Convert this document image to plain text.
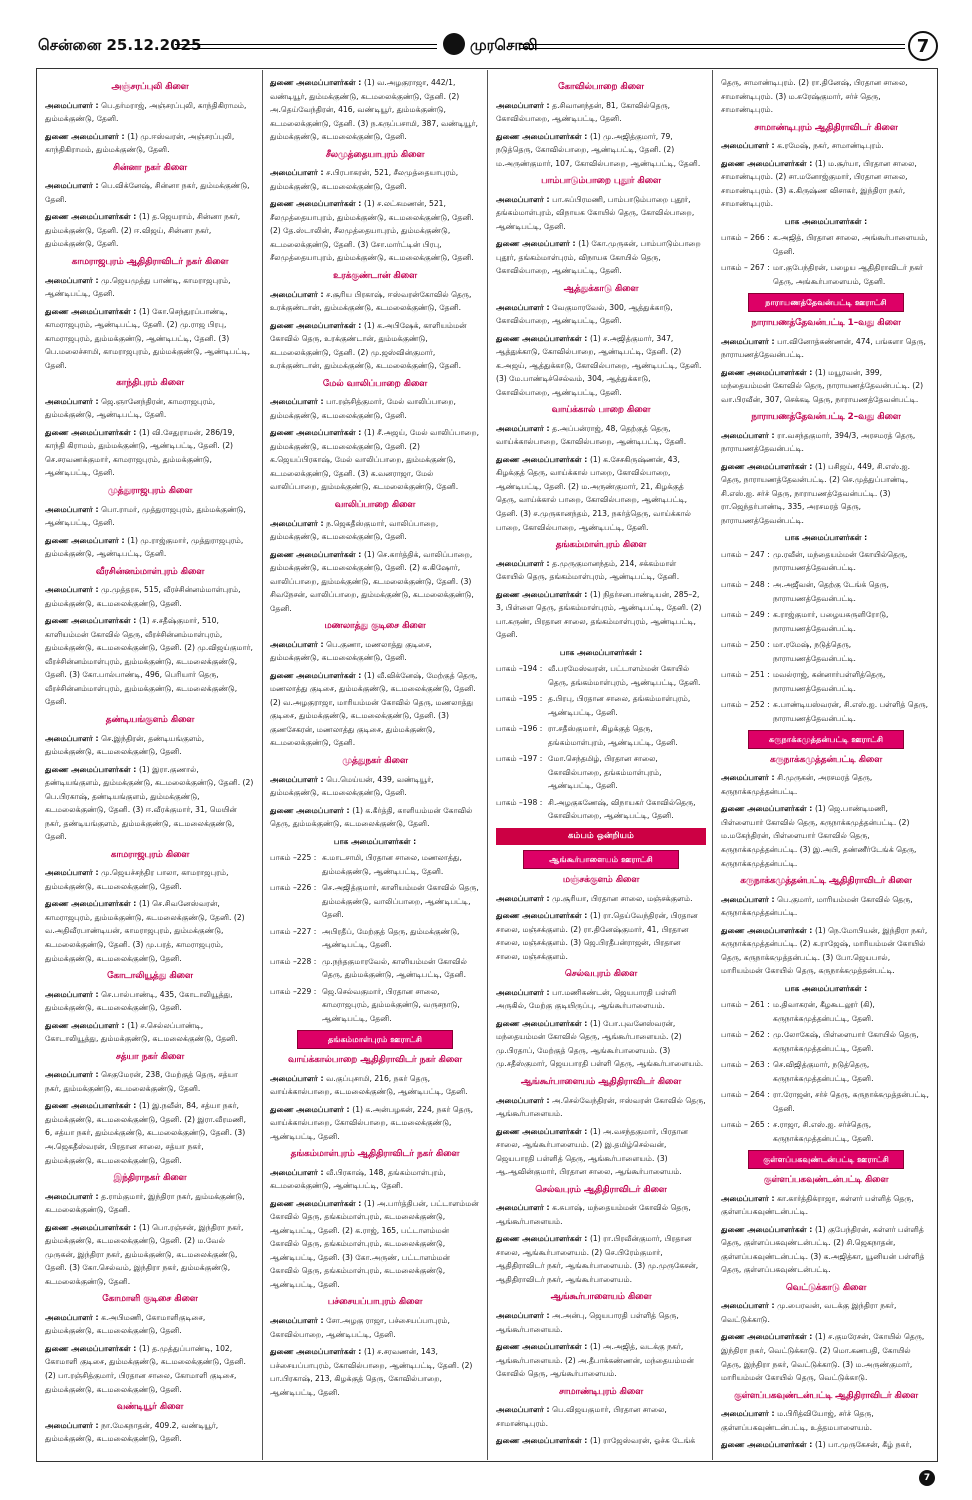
சென்னை 25.12.2025	முரசொலி	7
அஞ்சரப்புலி கிளை
அமைப்பாளர் : பெ.தர்மராஜ், அஞ்சரப்புலி, காந்திகிராமம், தும்மக்குண்டு, தேனி.
துணை அமைப்பாளர் : (1) மு.ஈஸ்வரன், அஞ்சரப்புலி, காந்திகிராமம், தும்மக்குண்டு, தேனி.
சின்னா நகர் கிளை
அமைப்பாளர் : பெ.விக்னேஷ், சின்னா நகர், தும்மக்குண்டு, தேனி.
துணை அமைப்பாளர்கள் : (1) த.ஜெயராம், சின்னா நகர், தும்மக்குண்டு, தேனி. (2) ஈ.விஜய், சின்னா நகர், தும்மக்குண்டு, தேனி.
காமராஜபுரம் ஆதிதிராவிடர் நகர் கிளை
அமைப்பாளர் : மு.ஜெயமுத்து பாண்டி, காமராஜபுரம், ஆண்டிபட்டி, தேனி.
துணை அமைப்பாளர்கள் : (1) கோ.செந்துரப்பாண்டி, காமராஜபுரம், ஆண்டிபட்டி, தேனி. (2) மு.ராஜ பிரபு, காமராஜபுரம், தும்மக்குண்டு, ஆண்டிபட்டி, தேனி. (3) பெ.மலைச்சாமி, காமராஜபுரம், தும்மக்குண்டு, ஆண்டிபட்டி, தேனி.
காந்திபுரம் கிளை
அமைப்பாளர் : ஜெ.ஞானேந்திரன், காமராஜபுரம், தும்மக்குண்டு, ஆண்டிபட்டி, தேனி.
துணை அமைப்பாளர்கள் : (1) வி.சேதுராமன், 286/19, காந்தி கிராமம், தும்மக்குண்டு, ஆண்டிபட்டி, தேனி. (2) செ.சரவணக்குமார், காமராஜபுரம், தும்மக்குண்டு, ஆண்டிபட்டி, தேனி.
முத்துராஜபுரம் கிளை
அமைப்பாளர் : பொ.ராமர், முத்துராஜபுரம், தும்மக்குண்டு, ஆண்டிபட்டி, தேனி.
துணை அமைப்பாளர் : (1) மு.ராஜ்குமார், முத்துராஜபுரம், தும்மக்குண்டு, ஆண்டிபட்டி, தேனி.
வீரசின்னம்மாள்புரம் கிளை
அமைப்பாளர் : மு.முத்தரசு, 515, வீரச்சின்னம்மாள்புரம், தும்மக்குண்டு, கடமலைக்குண்டு, தேனி.
துணை அமைப்பாளர்கள் : (1) ச.சதீஷ்குமார், 510, காளியம்மன் கோவில் தெரு, வீரச்சின்னம்மாள்புரம், தும்மக்குண்டு, கடமலைக்குண்டு, தேனி. (2) மு.விஜய்குமார், வீரச்சின்னம்மாள்புரம், தும்மக்குண்டு, கடமலைக்குண்டு, தேனி. (3) கோ.பால்பாண்டி, 496, பெரியார் தெரு, வீரச்சின்னம்மாள்புரம், தும்மக்குண்டு, கடமலைக்குண்டு, தேனி.
தண்டியங்குளம் கிளை
அமைப்பாளர் : செ.இந்திரன், தண்டியங்குளம், தும்மக்குண்டு, கடமலைக்குண்டு, தேனி.
துணை அமைப்பாளர்கள் : (1) இரா.குணால், தண்டியங்குளம், தும்மக்குண்டு, கடமலைக்குண்டு, தேனி. (2) பெ.பிரகாஷ், தண்டியங்குளம், தும்மக்குண்டு, கடமலைக்குண்டு, தேனி. (3) ஈ.வீரக்குமார், 31, மெயின் நகர், தண்டியங்குளம், தும்மக்குண்டு, கடமலைக்குண்டு, தேனி.
காமராஜபுரம் கிளை
அமைப்பாளர் : மு.ஜெயச்சந்திர பாலா, காமராஜபுரம், தும்மக்குண்டு, கடமலைக்குண்டு, தேனி.
துணை அமைப்பாளர்கள் : (1) செ.சிவனேஸ்வரன், காமராஜபுரம், தும்மக்குண்டு, கடமலைக்குண்டு, தேனி. (2) வ.அதிவீரபாண்டியன், காமராஜபுரம், தும்மக்குண்டு, கடமலைக்குண்டு, தேனி. (3) மு.பரத், காமராஜபுரம், தும்மக்குண்டு, கடமலைக்குண்டு, தேனி.
கோடாலியூத்து கிளை
அமைப்பாளர் : செ.பால்பாண்டி, 435, கோடாலியூத்து, தும்மக்குண்டு, கடமலைக்குண்டு, தேனி.
துணை அமைப்பாளர் : (1) ச.செல்லப்பாண்டி, கோடாலியூத்து, தும்மக்குண்டு, கடமலைக்குண்டு, தேனி.
சத்யா நகர் கிளை
அமைப்பாளர் : செகுமேரன், 238, மேற்குத் தெரு, சத்யா நகர், தும்மக்குண்டு, கடமலைக்குண்டு, தேனி.
துணை அமைப்பாளர்கள் : (1) இ.நவீன், 84, சத்யா நகர், தும்மக்குண்டு, கடமலைக்குண்டு, தேனி. (2) இரா.வீரமணி, 6, சத்யா நகர், தும்மக்குண்டு, கடமலைக்குண்டு, தேனி. (3) அ.ஜெகதீஸ்வரன், பிரதான சாலை, சத்யா நகர், தும்மக்குண்டு, கடமலைக்குண்டு, தேனி.
இந்திராநகர் கிளை
அமைப்பாளர் : த.ராம்குமார், இந்திரா நகர், தும்மக்குண்டு, கடமலைக்குண்டு, தேனி.
துணை அமைப்பாளர்கள் : (1) பொ.ரஞ்சன், இந்திரா நகர், தும்மக்குண்டு, கடமலைக்குண்டு, தேனி. (2) ம.வேல் முருகன், இந்திரா நகர், தும்மக்குண்டு, கடமலைக்குண்டு, தேனி. (3) கோ.செல்வம், இந்திரா நகர், தும்மக்குண்டு, கடமலைக்குண்டு, தேனி.
கோமாளி குடிசை கிளை
அமைப்பாளர் : க.அபிமணி, கோமாளிகுடிசை, தும்மக்குண்டு, கடமலைக்குண்டு, தேனி.
துணை அமைப்பாளர்கள் : (1) த.முத்துப்பாண்டி, 102, கோமாளி குடிசை, தும்மக்குண்டு, கடமலைக்குண்டு, தேனி. (2) பா.ரஞ்சித்குமார், பிரதான சாலை, கோமாளி குடிசை, தும்மக்குண்டு, கடமலைக்குண்டு, தேனி.
வண்டியூர் கிளை
அமைப்பாளர் : நா.மேகநாதன், 409.2, வண்டியூர், தும்மக்குண்டு, கடமலைக்குண்டு, தேனி.
துணை அமைப்பாளர்கள் : (1) வ.அழகுராஜா, 442/1, வண்டியூர், தும்மக்குண்டு, கடமலைக்குண்டு, தேனி. (2) அ.தெய்வேந்திரன், 416, வண்டியூர், தும்மக்குண்டு, கடமலைக்குண்டு, தேனி. (3) ந.கருப்பசாமி, 387, வண்டியூர், தும்மக்குண்டு, கடமலைக்குண்டு, தேனி.
சீலமுத்தையாபுரம் கிளை
அமைப்பாளர் : ச.பிரபாகரன், 521, சீலமுத்தையாபுரம், தும்மக்குண்டு, கடமலைக்குண்டு, தேனி.
துணை அமைப்பாளர்கள் : (1) ச.லட்சுமணன், 521, சீலமுத்தையாபுரம், தும்மக்குண்டு, கடமலைக்குண்டு, தேனி. (2) தே.ஸ்டாலின், சீலமுத்தையாபுரம், தும்மக்குண்டு, கடமலைக்குண்டு, தேனி. (3) சோ.மார்ட்டின் பிரபு, சீலமுத்தையாபுரம், தும்மக்குண்டு, கடமலைக்குண்டு, தேனி.
உரக்குண்டான் கிளை
அமைப்பாளர் : ச.சூரிய பிரகாஷ், ஈஸ்வரன்கோவில் தெரு, உரக்குண்டான், தும்மக்குண்டு, கடமலைக்குண்டு, தேனி.
துணை அமைப்பாளர்கள் : (1) க.அபிஷேக், காளியம்மன் கோவில் தெரு, உரக்குண்டான், தும்மக்குண்டு, கடமலைக்குண்டு, தேனி. (2) மு.ஜஸ்வின்குமார், உரக்குண்டான், தும்மக்குண்டு, கடமலைக்குண்டு, தேனி.
மேல் வாலிப்பாறை கிளை
அமைப்பாளர் : பா.ரஞ்சித்குமார், மேல் வாலிப்பாறை, தும்மக்குண்டு, கடமலைக்குண்டு, தேனி.
துணை அமைப்பாளர்கள் : (1) சீ.அஜய், மேல் வாலிப்பாறை, தும்மக்குண்டு, கடமலைக்குண்டு, தேனி. (2) க.ஜெயப்பிரகாஷ், மேல் வாலிப்பாறை, தும்மக்குண்டு, கடமலைக்குண்டு, தேனி. (3) க.வனராஜா, மேல் வாலிப்பாறை, தும்மக்குண்டு, கடமலைக்குண்டு, தேனி.
வாலிப்பாறை கிளை
அமைப்பாளர் : ந.ஜெகதீஸ்குமார், வாலிப்பாறை, தும்மக்குண்டு, கடமலைக்குண்டு, தேனி.
துணை அமைப்பாளர்கள் : (1) செ.கார்த்திக், வாலிப்பாறை, தும்மக்குண்டு, கடமலைக்குண்டு, தேனி. (2) க.கிஷோர், வாலிப்பாறை, தும்மக்குண்டு, கடமலைக்குண்டு, தேனி. (3) சிவநேசன், வாலிப்பாறை, தும்மக்குண்டு, கடமலைக்குண்டு, தேனி.
மணலாத்து குடிசை கிளை
அமைப்பாளர் : பெ.குணா, மணலாத்து குடிசை, தும்மக்குண்டு, கடமலைக்குண்டு, தேனி.
துணை அமைப்பாளர்கள் : (1) வீ.விக்னேஷ், மேற்குத் தெரு, மணலாத்து குடிசை, தும்மக்குண்டு, கடமலைக்குண்டு, தேனி. (2) வ.அழகுராஜா, மாரியம்மன் கோவில் தெரு, மணலாத்து குடிசை, தும்மக்குண்டு, கடமலைக்குண்டு, தேனி. (3) குணசேகரன், மணலாத்து குடிசை, தும்மக்குண்டு, கடமலைக்குண்டு, தேனி.
முத்துநகர் கிளை
அமைப்பாளர் : பெ.மெய்யன், 439, வண்டியூர், தும்மக்குண்டு, கடமலைக்குண்டு, தேனி.
துணை அமைப்பாளர் : (1) க.கீர்த்தி, காளியம்மன் கோவில் தெரு, தும்மக்குண்டு, கடமலைக்குண்டு, தேனி.
பாக அமைப்பாளர்கள் :
பாகம் –225 : க.மாடசாமி, பிரதான சாலை, மணலாத்து, தும்மக்குண்டு, ஆண்டிபட்டி, தேனி.
பாகம் –226 : செ.அஜித்குமார், காளியம்மன் கோவில் தெரு, தும்மக்குண்டு, வாலிப்பாறை, ஆண்டிபட்டி, தேனி.
பாகம் –227 : அபிரதீப், மேற்குத் தெரு, தும்மக்குண்டு, ஆண்டிபட்டி, தேனி.
பாகம் –228 : மு.நந்தகுமாரவேல், காளியம்மன் கோவில் தெரு, தும்மக்குண்டு, ஆண்டிபட்டி, தேனி.
பாகம் –229 : ஜெ.செல்வகுமார், பிரதான சாலை, காமராஜபுரம், தும்மக்குண்டு, வருசநாடு, ஆண்டிபட்டி, தேனி.
தங்கம்மாள்புரம் ஊராட்சி
வாய்க்கால்பாறை ஆதிதிராவிடர் நகர் கிளை
அமைப்பாளர் : வ.குப்புசாமி, 216, நகர் தெரு, வாய்க்கால்பாறை, கடமலைக்குண்டு, ஆண்டிபட்டி, தேனி.
துணை அமைப்பாளர் : (1) க.அன்பழகன், 224, நகர் தெரு, வாய்க்கால்பாறை, கோவில்பாறை, கடமலைக்குண்டு, ஆண்டிபட்டி, தேனி.
தங்கம்மாள்புரம் ஆதிதிராவிடர் நகர் கிளை
அமைப்பாளர் : வீ.பிரகாஷ், 148, தங்கம்மாள்புரம், கடமலைக்குண்டு, ஆண்டிபட்டி, தேனி.
துணை அமைப்பாளர்கள் : (1) அ.பார்த்திபன், பட்டாளம்மன் கோவில் தெரு, தங்கம்மாள்புரம், கடமலைக்குண்டு, ஆண்டிபட்டி, தேனி. (2) க.ராஜ், 165, பட்டாளம்மன் கோவில் தெரு, தங்கம்மாள்புரம், கடமலைக்குண்டு, ஆண்டிபட்டி, தேனி. (3) கோ.அருண், பட்டாளம்மன் கோவில் தெரு, தங்கம்மாள்புரம், கடமலைக்குண்டு, ஆண்டிபட்டி, தேனி.
பச்சையப்பாபுரம் கிளை
அமைப்பாளர் : சோ.அழகு ராஜா, பச்சையப்பாபுரம், கோவில்பாறை, ஆண்டிபட்டி, தேனி.
துணை அமைப்பாளர்கள் : (1) ச.சரவணன், 143, பச்சையப்பாபுரம், கோவில்பாறை, ஆண்டிபட்டி, தேனி. (2) பா.பிரகாஷ், 213, கிழக்குத் தெரு, கோவில்பாறை, ஆண்டிபட்டி, தேனி.
கோவில்பாறை கிளை
அமைப்பாளர் : த.சிவானந்தன், 81, கோவில்தெரு, கோவில்பாறை, ஆண்டிபட்டி, தேனி.
துணை அமைப்பாளர்கள் : (1) மு.அஜித்குமார், 79, நடுத்தெரு, கோவில்பாறை, ஆண்டிபட்டி, தேனி. (2) ம.அருண்குமார், 107, கோவில்பாறை, ஆண்டிபட்டி, தேனி.
பாம்பாடும்பாறை புதூர் கிளை
அமைப்பாளர் : பா.சுப்பிரமணி, பாம்பாடும்பாறை புதூர், தங்கம்மாள்புரம், விநாயக கோயில் தெரு, கோவில்பாறை, ஆண்டிபட்டி, தேனி.
துணை அமைப்பாளர் : (1) கோ.முருகன், பாம்பாடும்பாறை புதூர், தங்கம்மாள்புரம், விநாயக கோயில் தெரு, கோவில்பாறை, ஆண்டிபட்டி, தேனி.
ஆத்துக்காடு கிளை
அமைப்பாளர் : வேகுமாரவேல், 300, ஆத்துக்காடு, கோவில்பாறை, ஆண்டிபட்டி, தேனி.
துணை அமைப்பாளர்கள் : (1) ச.அஜித்குமார், 347, ஆத்துக்காடு, கோவில்பாறை, ஆண்டிபட்டி, தேனி. (2) க.அஜய், ஆத்துக்காடு, கோவில்பாறை, ஆண்டிபட்டி, தேனி. (3) மே.பாண்டிச்செல்வம், 304, ஆத்துக்காடு, கோவில்பாறை, ஆண்டிபட்டி, தேனி.
வாய்க்கால் பாறை கிளை
அமைப்பாளர் : த.அப்பன்ராஜ், 48, தெற்குத் தெரு, வாய்க்கால்பாறை, கோவில்பாறை, ஆண்டிபட்டி, தேனி.
துணை அமைப்பாளர்கள் : (1) க.சேசகிருஷ்ணன், 43, கிழக்குத் தெரு, வாய்க்கால் பாறை, கோவில்பாறை, ஆண்டிபட்டி, தேனி. (2) ம.அருண்குமார், 21, கிழக்குத் தெரு, வாய்க்கால் பாறை, கோவில்பாறை, ஆண்டிபட்டி, தேனி. (3) ச.முருகானந்தம், 213, நகர்த்தெரு, வாய்க்கால் பாறை, கோவில்பாறை, ஆண்டிபட்டி, தேனி.
தங்கம்மாள்புரம் கிளை
அமைப்பாளர் : த.முருகுமானந்தம், 214, சக்கம்மாள் கோயில் தெரு, தங்கம்மாள்புரம், ஆண்டிபட்டி, தேனி.
துணை அமைப்பாளர்கள் : (1) நிதர்சனபாண்டியன், 285–2, 3, பிள்ளை தெரு, தங்கம்மாள்புரம், ஆண்டிபட்டி, தேனி. (2) பா.கருண், பிரதான சாலை, தங்கம்மாள்புரம், ஆண்டிபட்டி, தேனி.
பாக அமைப்பாளர்கள் :
பாகம் –194 : வீ.பரமேஸ்வரன், பட்டாளம்மன் கோயில் தெரு, தங்கம்மாள்புரம், ஆண்டிபட்டி, தேனி.
பாகம் –195 : த.பிரபு, பிரதான சாலை, தங்கம்மாள்புரம், ஆண்டிபட்டி, தேனி.
பாகம் –196 : ரா.சதீஸ்குமார், கிழக்குத் தெரு, தங்கம்மாள்புரம், ஆண்டிபட்டி, தேனி.
பாகம் –197 : மோ.செந்தமிழ், பிரதான சாலை, கோவில்பாறை, தங்கம்மாள்புரம், ஆண்டிபட்டி, தேனி.
பாகம் –198 : சி.அழகுகணேஷ், விநாயகர் கோவில்தெரு, கோவில்பாறை, ஆண்டிபட்டி, தேனி.
கம்பம் ஒன்றியம்
ஆங்கூர்பாளையம் ஊராட்சி
மஞ்சக்குளம் கிளை
அமைப்பாளர் : மு.சூரியா, பிரதான சாலை, மஞ்சக்குளம்.
துணை அமைப்பாளர்கள் : (1) ரா.தெய்வேந்திரன், பிரதான சாலை, மஞ்சக்குளம். (2) ரா.தினேஷ்குமார், 41, பிரதான சாலை, மஞ்சக்குளம். (3) ஜெ.பிரதீபன்ராஜன், பிரதான சாலை, மஞ்சக்குளம்.
செல்வபுரம் கிளை
அமைப்பாளர் : பா.மணிகண்டன், ஜெயபாரதி பள்ளி அருகில், மேற்கு குடியிருப்பு, ஆங்கூர்பாளையம்.
துணை அமைப்பாளர்கள் : (1) போ.புவனேஸ்வரன், மந்தையம்மன் கோவில் தெரு, ஆங்கூர்பாளையம். (2) மு.பிரதாப், மேற்குத் தெரு, ஆங்கூர்பாளையம். (3) மு.சதீஸ்குமார், ஜெயபாரதி பள்ளி தெரு, ஆங்கூர்பாளையம்.
ஆங்கூர்பாளையம் ஆதிதிராவிடர் கிளை
அமைப்பாளர் : அ.செல்வேந்திரன், ஈஸ்வரன் கோவில் தெரு, ஆங்கூர்பாளையம்.
துணை அமைப்பாளர்கள் : (1) அ.வசந்தகுமார், பிரதான சாலை, ஆங்கூர்பாளையம். (2) இ.தமிழ்செல்வன், ஜெயபாரதி பள்ளித் தெரு, ஆங்கூர்பாளையம். (3) ஆ.ஆவின்குமார், பிரதான சாலை, ஆங்கூர்பாளையம்.
செல்வபுரம் ஆதிதிராவிடர் கிளை
அமைப்பாளர் : க.சுபாஷ், மந்தையம்மன் கோவில் தெரு, ஆங்கூர்பாளையம்.
துணை அமைப்பாளர்கள் : (1) ரா.பிரவீன்குமார், பிரதான சாலை, ஆங்கூர்பாளையம். (2) செ.பிரேம்குமார், ஆதிதிராவிடர் நகர், ஆங்கூர்பாளையம். (3) மு.முருகேசன், ஆதிதிராவிடர் நகர், ஆங்கூர்பாளையம்.
ஆங்கூர்பாளையம் கிளை
அமைப்பாளர் : அ.அன்பு, ஜெயபாரதி பள்ளித் தெரு, ஆங்கூர்பாளையம்.
துணை அமைப்பாளர்கள் : (1) அ.அஜித், வடக்கு நகர், ஆங்கூர்பாளையம். (2) அ.தீபாக்கண்ணன், மந்தையம்மன் கோவில் தெரு, ஆங்கூர்பாளையம்.
சாமாண்டிபுரம் கிளை
அமைப்பாளர் : பெ.விஜயகுமார், பிரதான சாலை, சாமாண்டிபுரம்.
துணை அமைப்பாளர்கள் : (1) ராஜேஸ்வரன், ஓச்சு டேங்க்
தெரு, சாமாண்டிபுரம். (2) ரா.தினேஷ், பிரதான சாலை, சாமாண்டிபுரம். (3) ம.சுரேஷ்குமார், சர்ச் தெரு, சாமாண்டிபுரம்.
சாமாண்டிபுரம் ஆதிதிராவிடர் கிளை
அமைப்பாளர் : க.ரமேஷ், நகர், சாமாண்டிபுரம்.
துணை அமைப்பாளர்கள் : (1) ம.சூர்யா, பிரதான சாலை, சாமாண்டிபுரம். (2) சா.மனோஜ்குமார், பிரதான சாலை, சாமாண்டிபுரம். (3) க.கிருஷ்ண விசாகர், இந்திரா நகர், சாமாண்டிபுரம்.
பாக அமைப்பாளர்கள் :
பாகம் – 266 : க.அஜித், பிரதான சாலை, அங்கூர்பாளையம், தேனி.
பாகம் – 267 : மா.குபேந்திரன், பழைய ஆதிதிராவிடர் நகர் தெரு, அங்கூர்பாளையம், தேனி.
நாராயணத்தேவன்பட்டி ஊராட்சி
நாராயணத்தேவன்பட்டி 1–வது கிளை
அமைப்பாளர் : பா.வினோத்கண்ணன், 474, பங்களா தெரு, நாராயணத்தேவன்பட்டி.
துணை அமைப்பாளர்கள் : (1) மயூரவன், 399, மந்தையம்மன் கோவில் தெரு, நாராயணத்தேவன்பட்டி. (2) வா.பிரவீன், 307, செக்கடி தெரு, நாராயணத்தேவன்பட்டி.
நாராயணத்தேவன்பட்டி 2–வது கிளை
அமைப்பாளர் : ரா.வசந்தகுமார், 394/3, அரசமரத் தெரு, நாராயணத்தேவன்பட்டி.
துணை அமைப்பாளர்கள் : (1) பசிஜய், 449, சி.எஸ்.ஐ. தெரு, நாராயணத்தேவன்பட்டி. (2) செ.முத்துப்பாண்டி, சி.எஸ்.ஐ. சர்ச் தெரு, நாராயணத்தேவன்பட்டி. (3) ரா.ஜெந்தர்பாண்டி, 335, அரசமரத் தெரு, நாராயணத்தேவன்பட்டி.
பாக அமைப்பாளர்கள் :
பாகம் – 247 : மு.ரவீன், மந்தையம்மன் கோயில்தெரு, நாராயணத்தேவன்பட்டி.
பாகம் – 248 : அ.அஜீவன், தெற்கு டேங்க் தெரு, நாராயணத்தேவன்பட்டி.
பாகம் – 249 : க.ராஜ்குமார், பழையசுருளிரோடு, நாராயணத்தேவன்பட்டி.
பாகம் – 250 : மா.ரமேஷ், நடுத்தெரு, நாராயணத்தேவன்பட்டி.
பாகம் – 251 : மவல்ராஜ், கன்னார்பள்ளித்தெரு, நாராயணத்தேவன்பட்டி.
பாகம் – 252 : சு.பாண்டியஸ்வரன், சி.எஸ்.ஐ. பள்ளித் தெரு, நாராயணத்தேவன்பட்டி.
கருநாக்கமுத்தன்பட்டி ஊராட்சி
கருநாக்கமுத்தன்பட்டி கிளை
அமைப்பாளர் : சி.முருகன், அரசமரத் தெரு, கருநாக்கமுத்தன்பட்டி.
துணை அமைப்பாளர்கள் : (1) ஜெ.பாண்டிமணி, பிள்ளையார் கோவில் தெரு, கருநாக்கமுத்தன்பட்டி. (2) ம.மகேந்திரன், பிள்ளையார் கோவில் தெரு, கருநாக்கமுத்தன்பட்டி. (3) இ.அபி, தண்ணீர்டேங்க் தெரு, கருநாக்கமுத்தன்பட்டி.
கருநாக்கமுத்தன்பட்டி ஆதிதிராவிடர் கிளை
அமைப்பாளர் : பெ.குமார், மாரியம்மன் கோவில் தெரு, கருநாக்கமுத்தன்பட்டி.
துணை அமைப்பாளர்கள் : (1) நெ.மோபியன், இந்திரா நகர், கருநாக்கமுத்தன்பட்டி. (2) க.ராஜேஷ், மாரியம்மன் கோயில் தெரு, கருநாக்கமுத்தன்பட்டி. (3) போ.ஜெயபால், மாரியம்மன் கோயில் தெரு, கருநாக்கமுத்தன்பட்டி.
பாக அமைப்பாளர்கள் :
பாகம் – 261 : ம.திவாகரன், கீழகூடலூர் (கி), கருநாக்கமுத்தன்பட்டி, தேனி.
பாகம் – 262 : மு.லோகேஷ், பிள்ளையார் கோயில் தெரு, கருநாக்கமுத்தன்பட்டி, தேனி.
பாகம் – 263 : செ.விஜித்குமார், நடுத்தெரு, கருநாக்கமுத்தன்பட்டி, தேனி.
பாகம் – 264 : ரா.ரோஜன், சர்ச் தெரு, கருநாக்கமுத்தன்பட்டி, தேனி.
பாகம் – 265 : ச.ராஜா, சி.எஸ்.ஐ. சர்ச்தெரு, கருநாக்கமுத்தன்பட்டி, தேனி.
குள்ளப்பகவுண்டன்பட்டி ஊராட்சி
குள்ளப்பகவுண்டன்பட்டி கிளை
அமைப்பாளர் : கா.கார்த்திக்ராஜா, கள்ளர் பள்ளித் தெரு, குள்ளப்பகவுண்டன்பட்டி.
துணை அமைப்பாளர்கள் : (1) குபேந்திரன், கள்ளர் பள்ளித் தெரு, குள்ளப்பகவுண்டன்பட்டி. (2) சி.ஜெகநாதன், குள்ளப்பகவுண்டன்பட்டி. (3) க.அஜித்கா, யூனியன் பள்ளித் தெரு, குள்ளப்பகவுண்டன்பட்டி.
வெட்டுக்காடு கிளை
அமைப்பாளர் : மு.பைரவன், வடக்கு இந்திரா நகர், வெட்டுக்காடு.
துணை அமைப்பாளர்கள் : (1) ச.குமரேசன், கோயில் தெரு, இந்திரா நகர், வெட்டுக்காடு. (2) மொ.கணபதி, கோயில் தெரு, இந்திரா நகர், வெட்டுக்காடு. (3) ம.அருண்குமார், மாரியம்மன் கோயில் தெரு, வெட்டுக்காடு.
குள்ளப்பகவுண்டன்பட்டி ஆதிதிராவிடர் கிளை
அமைப்பாளர் : ம.பிரித்வியோஜ், சர்ச் தெரு, குள்ளப்பகவுண்டன்பட்டி, உத்தமபாளையம்.
துணை அமைப்பாளர்கள் : (1) பா.முருகேசன், கீழ் நகர்,
7
